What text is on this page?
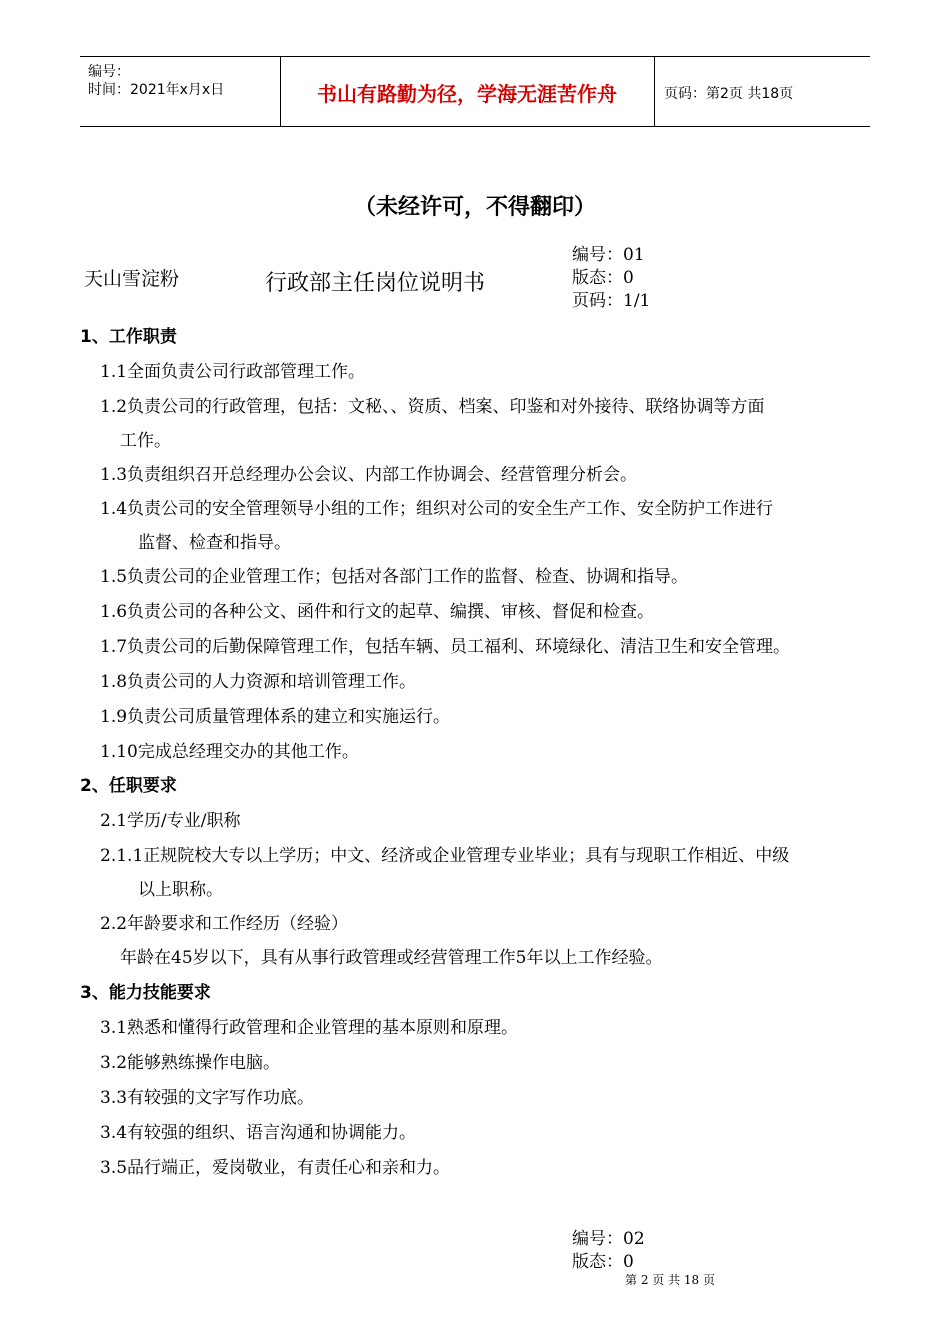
编号：
时间：2021年x月x日	书山有路勤为径，学海无涯苦作舟	页码：第2页 共18页
（未经许可，不得翻印）
天山雪淀粉	行政部主任岗位说明书
编号：01
版态：0
页码：1/1
1、工作职责
1.1全面负责公司行政部管理工作。
1.2负责公司的行政管理，包括：文秘、、资质、档案、印鉴和对外接待、联络协调等方面
工作。
1.3负责组织召开总经理办公会议、内部工作协调会、经营管理分析会。
1.4负责公司的安全管理领导小组的工作；组织对公司的安全生产工作、安全防护工作进行
监督、检查和指导。
1.5负责公司的企业管理工作；包括对各部门工作的监督、检查、协调和指导。
1.6负责公司的各种公文、函件和行文的起草、编撰、审核、督促和检查。
1.7负责公司的后勤保障管理工作，包括车辆、员工福利、环境绿化、清洁卫生和安全管理。
1.8负责公司的人力资源和培训管理工作。
1.9负责公司质量管理体系的建立和实施运行。
1.10完成总经理交办的其他工作。
2、任职要求
2.1学历/专业/职称
2.1.1正规院校大专以上学历；中文、经济或企业管理专业毕业；具有与现职工作相近、中级
以上职称。
2.2年龄要求和工作经历（经验）
年龄在45岁以下，具有从事行政管理或经营管理工作5年以上工作经验。
3、能力技能要求
3.1熟悉和懂得行政管理和企业管理的基本原则和原理。
3.2能够熟练操作电脑。
3.3有较强的文字写作功底。
3.4有较强的组织、语言沟通和协调能力。
3.5品行端正，爱岗敬业，有责任心和亲和力。
编号：02
版态：0
第 2 页 共 18 页
